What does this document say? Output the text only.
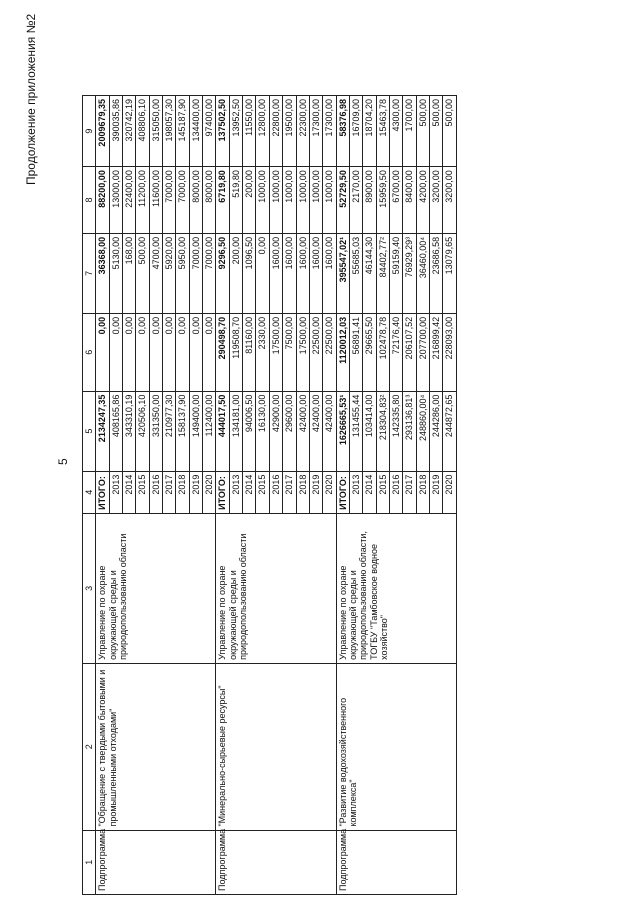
Продолжение приложения №2
5
1	2	3	4	5	6	7	8	9
Подпрограмма	"Обращение с твердыми бытовыми и промышленными отходами"	Управление по охране окружающей среды и природопользованию области	ИТОГО:	2134247,35	0,00	36368,00	88200,00	2009679,35
			2013	408165,86	0,00	5130,00	13000,00	390035,86
			2014	343310,19	0,00	168,00	22400,00	320742,19
			2015	420506,10	0,00	500,00	11200,00	408806,10
			2016	331350,00	0,00	4700,00	11600,00	315050,00
			2017	210977,30	0,00	5920,00	7000,00	198057,30
			2018	158137,90	0,00	5950,00	7000,00	145187,90
			2019	149400,00	0,00	7000,00	8000,00	134400,00
			2020	112400,00	0,00	7000,00	8000,00	97400,00
Подпрограмма	"Минерально-сырьевые ресурсы"	Управление по охране окружающей среды и природопользованию области	ИТОГО:	444017,50	290498,70	9296,50	6719,80	137502,50
			2013	134181,00	119508,70	200,00	519,80	13952,50
			2014	94006,50	81160,00	1096,50	200,00	11550,00
			2015	16130,00	2330,00	0,00	1000,00	12800,00
			2016	42900,00	17500,00	1600,00	1000,00	22800,00
			2017	29600,00	7500,00	1600,00	1000,00	19500,00
			2018	42400,00	17500,00	1600,00	1000,00	22300,00
			2019	42400,00	22500,00	1600,00	1000,00	17300,00
			2020	42400,00	22500,00	1600,00	1000,00	17300,00
Подпрограмма	"Развитие водохозяйственного комплекса"	Управление по охране окружающей среды и природопользованию области, ТОГБУ "Тамбовское водное хозяйство"	ИТОГО:	1626665,53¹	1120012,03	395547,02¹	52729,50	58376,98
			2013	131455,44	56891,41	55685,03	2170,00	16709,00
			2014	103414,00	29665,50	46144,30	8900,00	18704,20
			2015	218304,83²	102478,78	84402,77²	15959,50	15463,78
			2016	142335,80	72176,40	59159,40	6700,00	4300,00
			2017	293136,81³	206107,52	76929,29³	8400,00	1700,00
			2018	248860,00⁴	207700,00	36460,00⁴	4200,00	500,00
			2019	244286,00	216899,42	23686,58	3200,00	500,00
			2020	244872,65	228093,00	13079,65	3200,00	500,00
